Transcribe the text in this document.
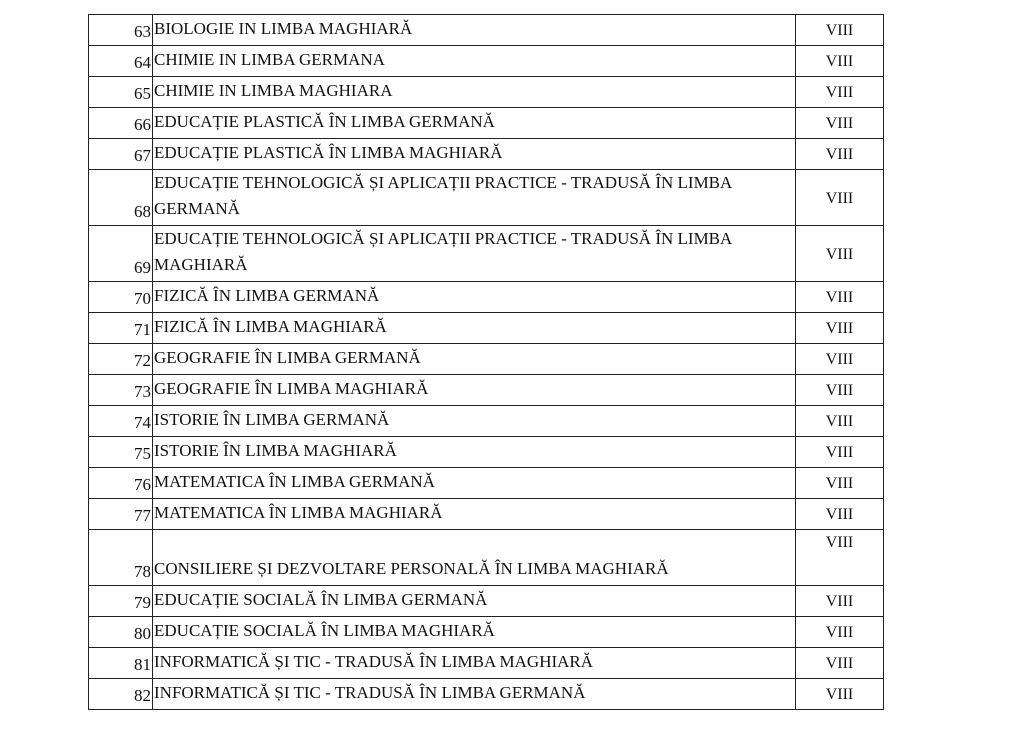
63	BIOLOGIE IN LIMBA MAGHIARĂ	VIII
64	CHIMIE IN LIMBA GERMANA	VIII
65	CHIMIE IN LIMBA MAGHIARA	VIII
66	EDUCAȚIE PLASTICĂ ÎN LIMBA GERMANĂ	VIII
67	EDUCAȚIE PLASTICĂ ÎN LIMBA MAGHIARĂ	VIII
68	EDUCAȚIE TEHNOLOGICĂ ȘI APLICAȚII PRACTICE - TRADUSĂ ÎN LIMBA GERMANĂ	VIII
69	EDUCAȚIE TEHNOLOGICĂ ȘI APLICAȚII PRACTICE - TRADUSĂ ÎN LIMBA MAGHIARĂ	VIII
70	FIZICĂ ÎN LIMBA GERMANĂ	VIII
71	FIZICĂ ÎN LIMBA MAGHIARĂ	VIII
72	GEOGRAFIE ÎN LIMBA GERMANĂ	VIII
73	GEOGRAFIE ÎN LIMBA MAGHIARĂ	VIII
74	ISTORIE ÎN LIMBA GERMANĂ	VIII
75	ISTORIE ÎN LIMBA MAGHIARĂ	VIII
76	MATEMATICA ÎN LIMBA GERMANĂ	VIII
77	MATEMATICA ÎN LIMBA MAGHIARĂ	VIII
78	CONSILIERE ȘI DEZVOLTARE PERSONALĂ ÎN LIMBA MAGHIARĂ	VIII
79	EDUCAȚIE SOCIALĂ ÎN LIMBA GERMANĂ	VIII
80	EDUCAȚIE SOCIALĂ ÎN LIMBA MAGHIARĂ	VIII
81	INFORMATICĂ ȘI TIC - TRADUSĂ ÎN LIMBA MAGHIARĂ	VIII
82	INFORMATICĂ ȘI TIC - TRADUSĂ ÎN LIMBA GERMANĂ	VIII
